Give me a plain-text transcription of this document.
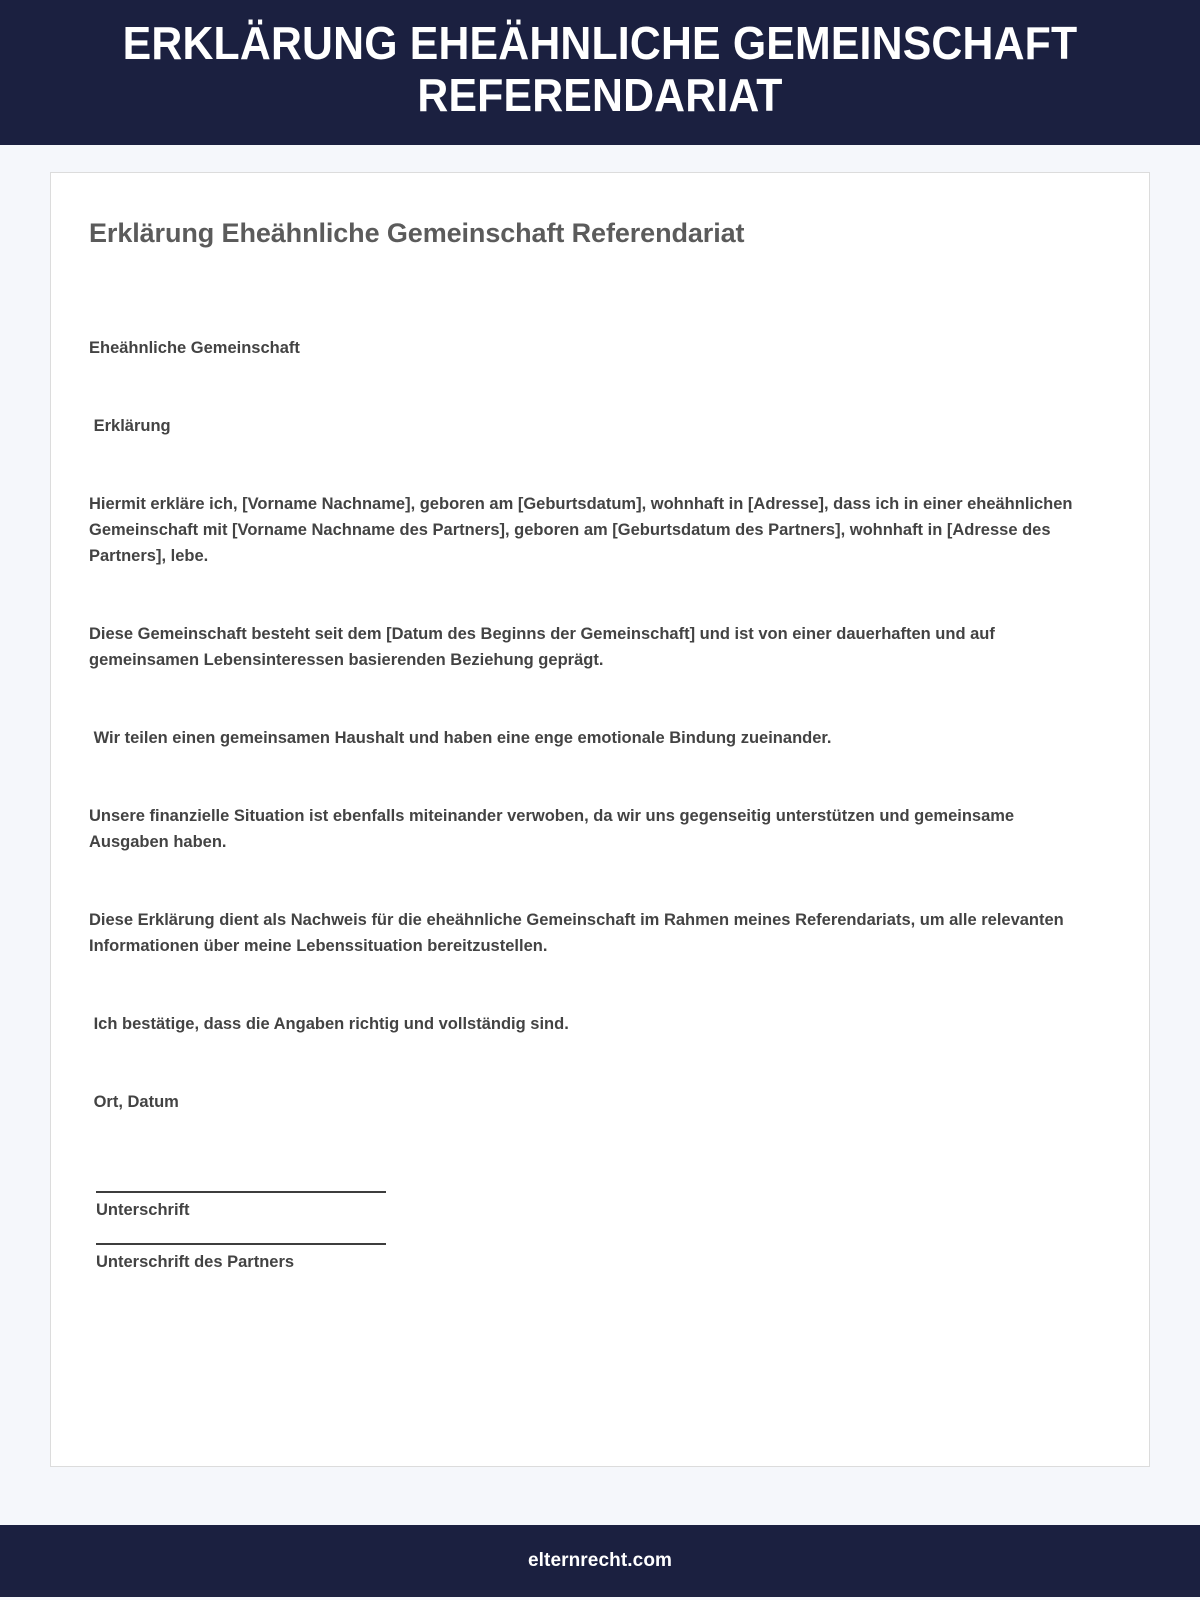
ERKLÄRUNG EHEÄHNLICHE GEMEINSCHAFT REFERENDARIAT
Erklärung Eheähnliche Gemeinschaft Referendariat

Eheähnliche Gemeinschaft

Erklärung

Hiermit erkläre ich, [Vorname Nachname], geboren am [Geburtsdatum], wohnhaft in [Adresse], dass ich in einer eheähnlichen Gemeinschaft mit [Vorname Nachname des Partners], geboren am [Geburtsdatum des Partners], wohnhaft in [Adresse des Partners], lebe.

Diese Gemeinschaft besteht seit dem [Datum des Beginns der Gemeinschaft] und ist von einer dauerhaften und auf gemeinsamen Lebensinteressen basierenden Beziehung geprägt.

Wir teilen einen gemeinsamen Haushalt und haben eine enge emotionale Bindung zueinander.

Unsere finanzielle Situation ist ebenfalls miteinander verwoben, da wir uns gegenseitig unterstützen und gemeinsame Ausgaben haben.

Diese Erklärung dient als Nachweis für die eheähnliche Gemeinschaft im Rahmen meines Referendariats, um alle relevanten Informationen über meine Lebenssituation bereitzustellen.

Ich bestätige, dass die Angaben richtig und vollständig sind.

Ort, Datum

Unterschrift
Unterschrift des Partners
elternrecht.com
